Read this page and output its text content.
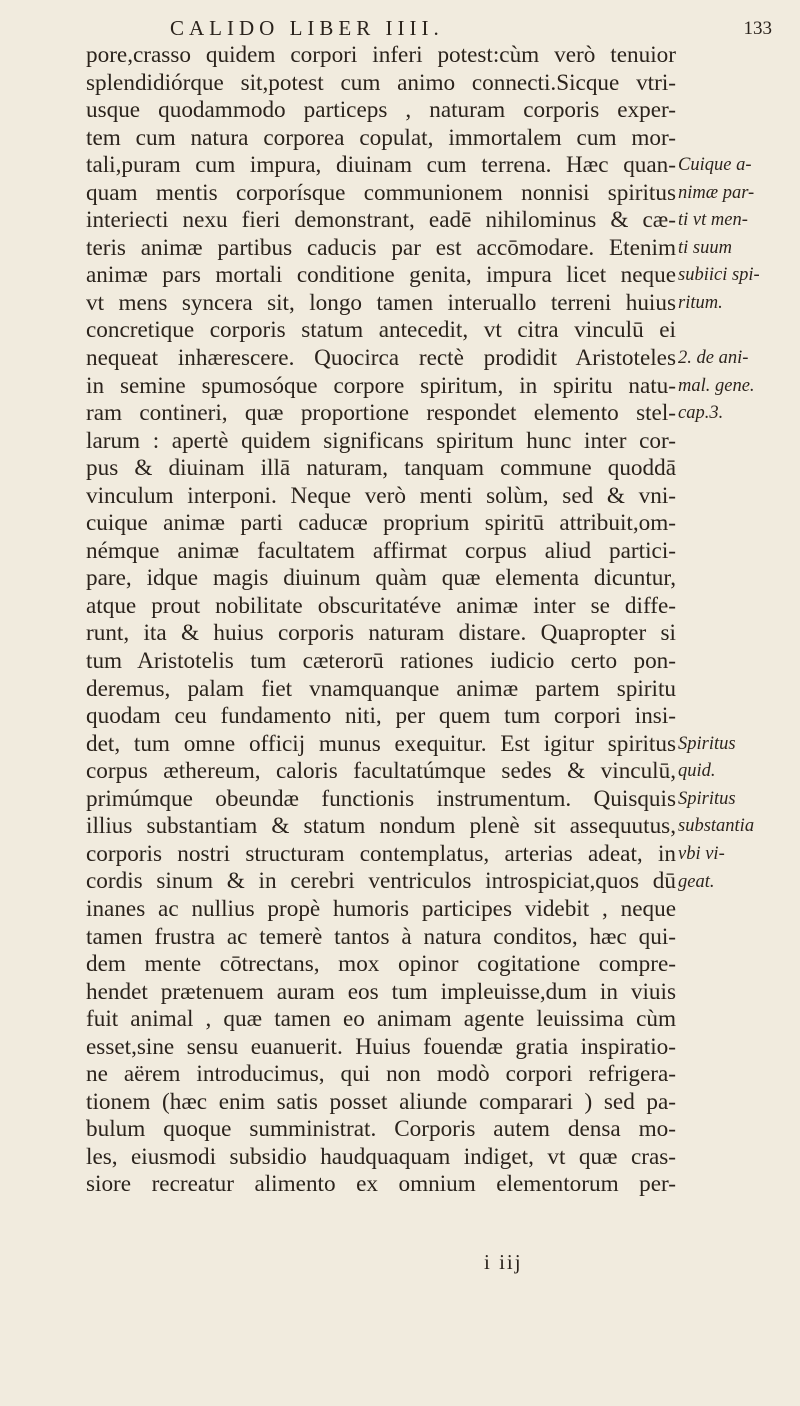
CALIDO LIBER IIII.	133
pore,crasso quidem corpori inferi potest:cùm verò tenuior
splendidiórque sit,potest cum animo connecti.Sicque vtri-
usque quodammodo particeps , naturam corporis exper-
tem cum natura corporea copulat, immortalem cum mor-
tali,puram cum impura, diuinam cum terrena. Hæc quan-
quam mentis corporísque communionem nonnisi spiritus
interiecti nexu fieri demonstrant, eadē nihilominus & cæ-
teris animæ partibus caducis par est accōmodare. Etenim
animæ pars mortali conditione genita, impura licet neque
vt mens syncera sit, longo tamen interuallo terreni huius
concretique corporis statum antecedit, vt citra vinculū ei
nequeat inhærescere. Quocirca rectè prodidit Aristoteles
in semine spumosóque corpore spiritum, in spiritu natu-
ram contineri, quæ proportione respondet elemento stel-
larum : apertè quidem significans spiritum hunc inter cor-
pus & diuinam illā naturam, tanquam commune quoddā
vinculum interponi. Neque verò menti solùm, sed & vni-
cuique animæ parti caducæ proprium spiritū attribuit,om-
némque animæ facultatem affirmat corpus aliud partici-
pare, idque magis diuinum quàm quæ elementa dicuntur,
atque prout nobilitate obscuritatéve animæ inter se diffe-
runt, ita & huius corporis naturam distare. Quapropter si
tum Aristotelis tum cæterorū rationes iudicio certo pon-
deremus, palam fiet vnamquanque animæ partem spiritu
quodam ceu fundamento niti, per quem tum corpori insi-
det, tum omne officij munus exequitur. Est igitur spiritus
corpus æthereum, caloris facultatúmque sedes & vinculū,
primúmque obeundæ functionis instrumentum. Quisquis
illius substantiam & statum nondum plenè sit assequutus,
corporis nostri structuram contemplatus, arterias adeat, in
cordis sinum & in cerebri ventriculos introspiciat,quos dū
inanes ac nullius propè humoris participes videbit , neque
tamen frustra ac temerè tantos à natura conditos, hæc qui-
dem mente cōtrectans, mox opinor cogitatione compre-
hendet prætenuem auram eos tum impleuisse,dum in viuis
fuit animal , quæ tamen eo animam agente leuissima cùm
esset,sine sensu euanuerit. Huius fouendæ gratia inspiratio-
ne aërem introducimus, qui non modò corpori refrigera-
tionem (hæc enim satis posset aliunde comparari ) sed pa-
bulum quoque sumministrat. Corporis autem densa mo-
les, eiusmodi subsidio haudquaquam indiget, vt quæ cras-
siore recreatur alimento ex omnium elementorum per-
Cuique a-
nimæ par-
ti vt men-
ti suum
subiici spi-
ritum.
2. de ani-
mal. gene.
cap.3.
Spiritus
quid.
Spiritus
substantia
vbi vi-
geat.
i iij
